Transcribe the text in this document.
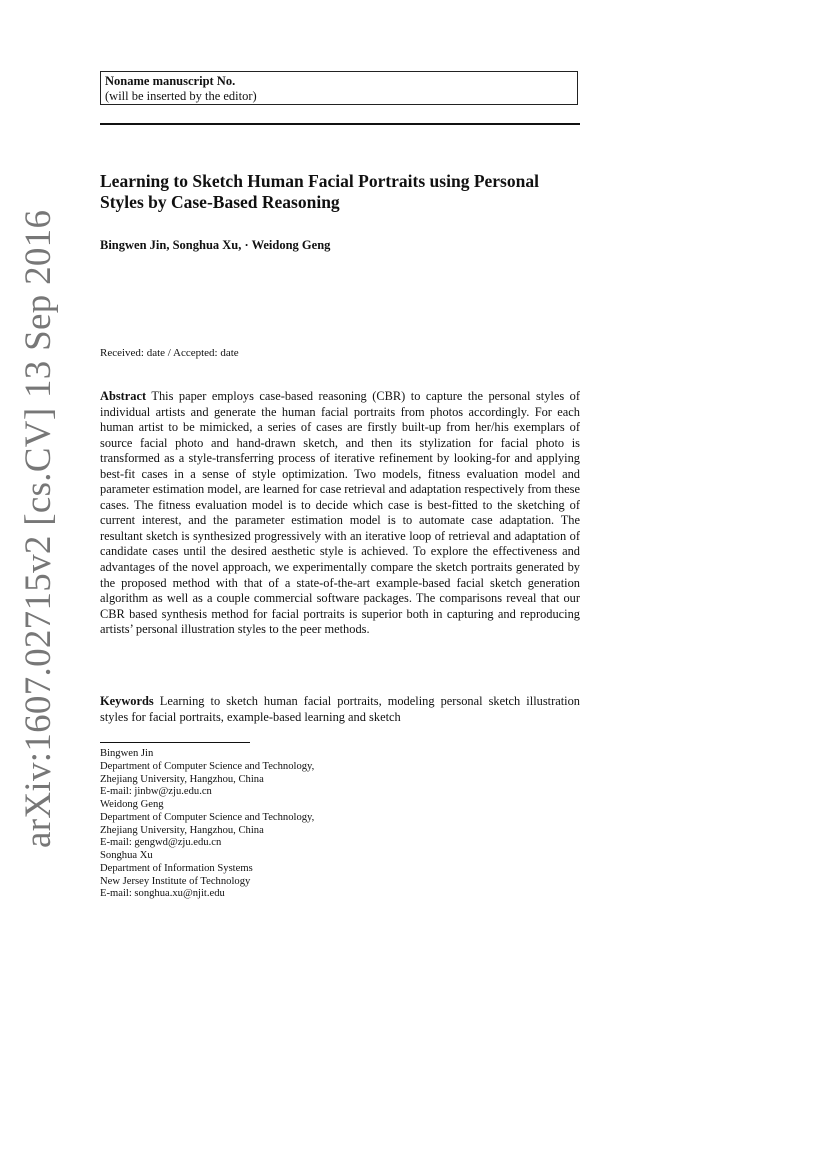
arXiv:1607.02715v2 [cs.CV] 13 Sep 2016
Noname manuscript No.
(will be inserted by the editor)
Learning to Sketch Human Facial Portraits using Personal Styles by Case-Based Reasoning
Bingwen Jin, Songhua Xu, · Weidong Geng
Received: date / Accepted: date
Abstract This paper employs case-based reasoning (CBR) to capture the personal styles of individual artists and generate the human facial portraits from photos accordingly. For each human artist to be mimicked, a series of cases are firstly built-up from her/his exemplars of source facial photo and hand-drawn sketch, and then its stylization for facial photo is transformed as a style-transferring process of iterative refinement by looking-for and applying best-fit cases in a sense of style optimization. Two models, fitness evaluation model and parameter estimation model, are learned for case retrieval and adaptation respectively from these cases. The fitness evaluation model is to decide which case is best-fitted to the sketching of current interest, and the parameter estimation model is to automate case adaptation. The resultant sketch is synthesized progressively with an iterative loop of retrieval and adaptation of candidate cases until the desired aesthetic style is achieved. To explore the effectiveness and advantages of the novel approach, we experimentally compare the sketch portraits generated by the proposed method with that of a state-of-the-art example-based facial sketch generation algorithm as well as a couple commercial software packages. The comparisons reveal that our CBR based synthesis method for facial portraits is superior both in capturing and reproducing artists’ personal illustration styles to the peer methods.
Keywords Learning to sketch human facial portraits, modeling personal sketch illustration styles for facial portraits, example-based learning and sketch
Bingwen Jin
Department of Computer Science and Technology,
Zhejiang University, Hangzhou, China
E-mail: jinbw@zju.edu.cn
Weidong Geng
Department of Computer Science and Technology,
Zhejiang University, Hangzhou, China
E-mail: gengwd@zju.edu.cn
Songhua Xu
Department of Information Systems
New Jersey Institute of Technology
E-mail: songhua.xu@njit.edu
